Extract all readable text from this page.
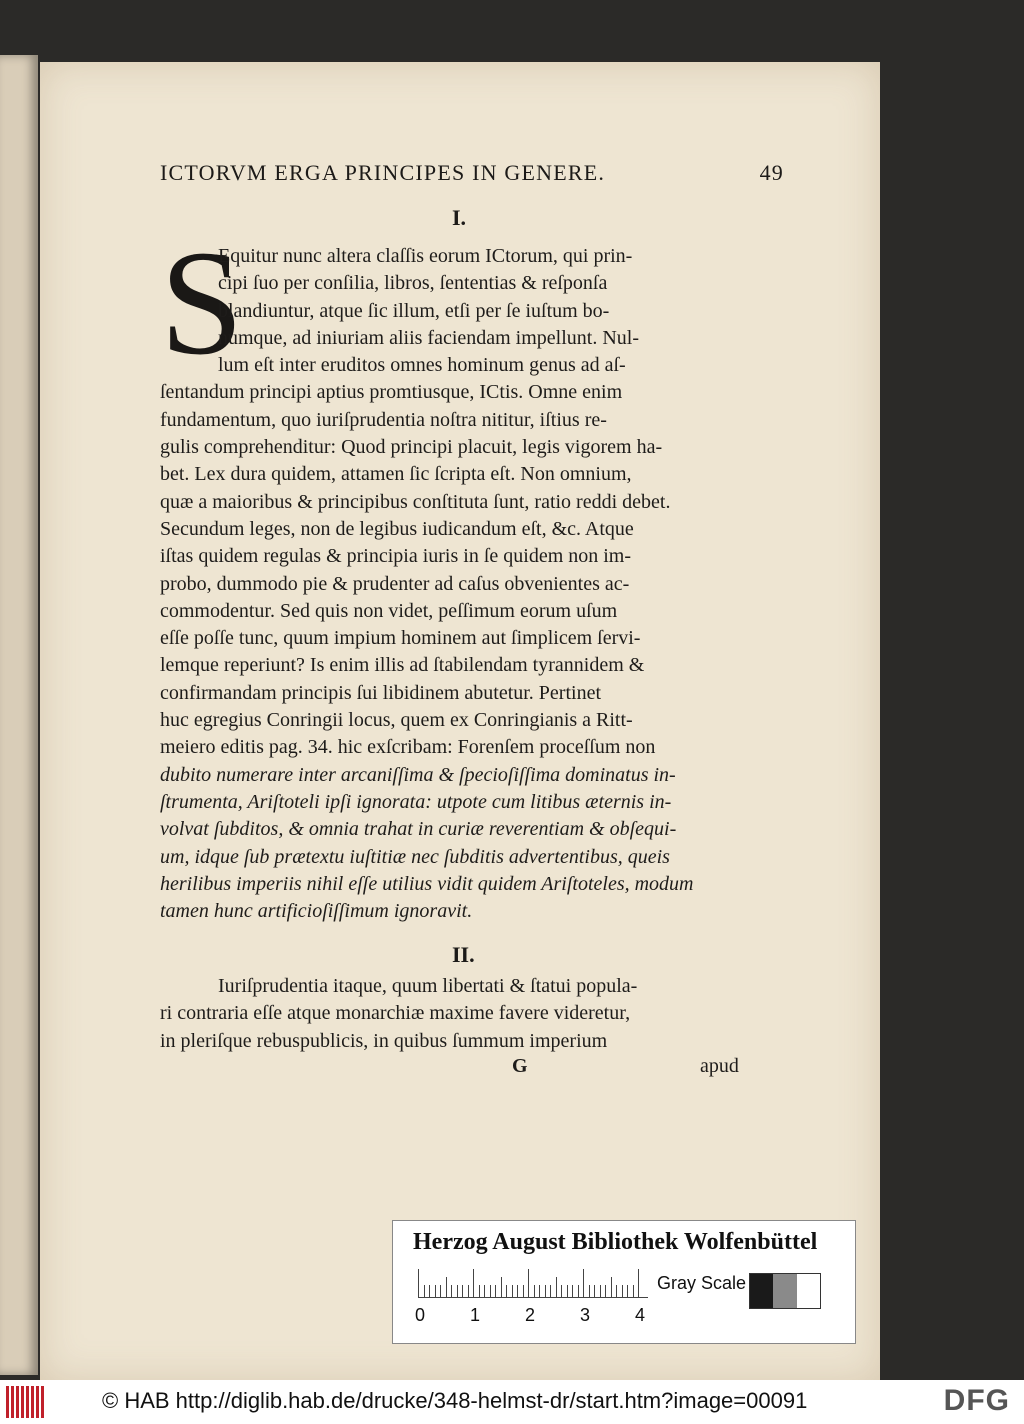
ICTORVM ERGA PRINCIPES IN GENERE.	49
I.
S
Equitur nunc altera claſſis eorum ICtorum, qui prin-
cipi ſuo per conſilia, libros, ſententias & reſponſa
blandiuntur, atque ſic illum, etſi per ſe iuſtum bo-
numque, ad iniuriam aliis faciendam impellunt. Nul-
lum eſt inter eruditos omnes hominum genus ad aſ-
ſentandum principi aptius promtiusque, ICtis. Omne enim
fundamentum, quo iuriſprudentia noſtra nititur, iſtius re-
gulis comprehenditur: Quod principi placuit, legis vigorem ha-
bet. Lex dura quidem, attamen ſic ſcripta eſt. Non omnium,
quæ a maioribus & principibus conſtituta ſunt, ratio reddi debet.
Secundum leges, non de legibus iudicandum eſt, &c. Atque
iſtas quidem regulas & principia iuris in ſe quidem non im-
probo, dummodo pie & prudenter ad caſus obvenientes ac-
commodentur. Sed quis non videt, peſſimum eorum uſum
eſſe poſſe tunc, quum impium hominem aut ſimplicem ſervi-
lemque reperiunt? Is enim illis ad ſtabilendam tyrannidem &
confirmandam principis ſui libidinem abutetur. Pertinet
huc egregius Conringii locus, quem ex Conringianis a Ritt-
meiero editis pag. 34. hic exſcribam: Forenſem proceſſum non
dubito numerare inter arcaniſſima & ſpecioſiſſima dominatus in-
ſtrumenta, Ariſtoteli ipſi ignorata: utpote cum litibus æternis in-
volvat ſubditos, & omnia trahat in curiæ reverentiam & obſequi-
um, idque ſub prætextu iuſtitiæ nec ſubditis advertentibus, queis
herilibus imperiis nihil eſſe utilius vidit quidem Ariſtoteles, modum
tamen hunc artificioſiſſimum ignoravit.
II.
Iuriſprudentia itaque, quum libertati & ſtatui popula-
ri contraria eſſe atque monarchiæ maxime favere videretur,
in pleriſque rebuspublicis, in quibus ſummum imperium
G	apud
Herzog August Bibliothek Wolfenbüttel
0 1 2 3 4
Gray Scale
© HAB http://diglib.hab.de/drucke/348-helmst-dr/start.htm?image=00091	DFG
